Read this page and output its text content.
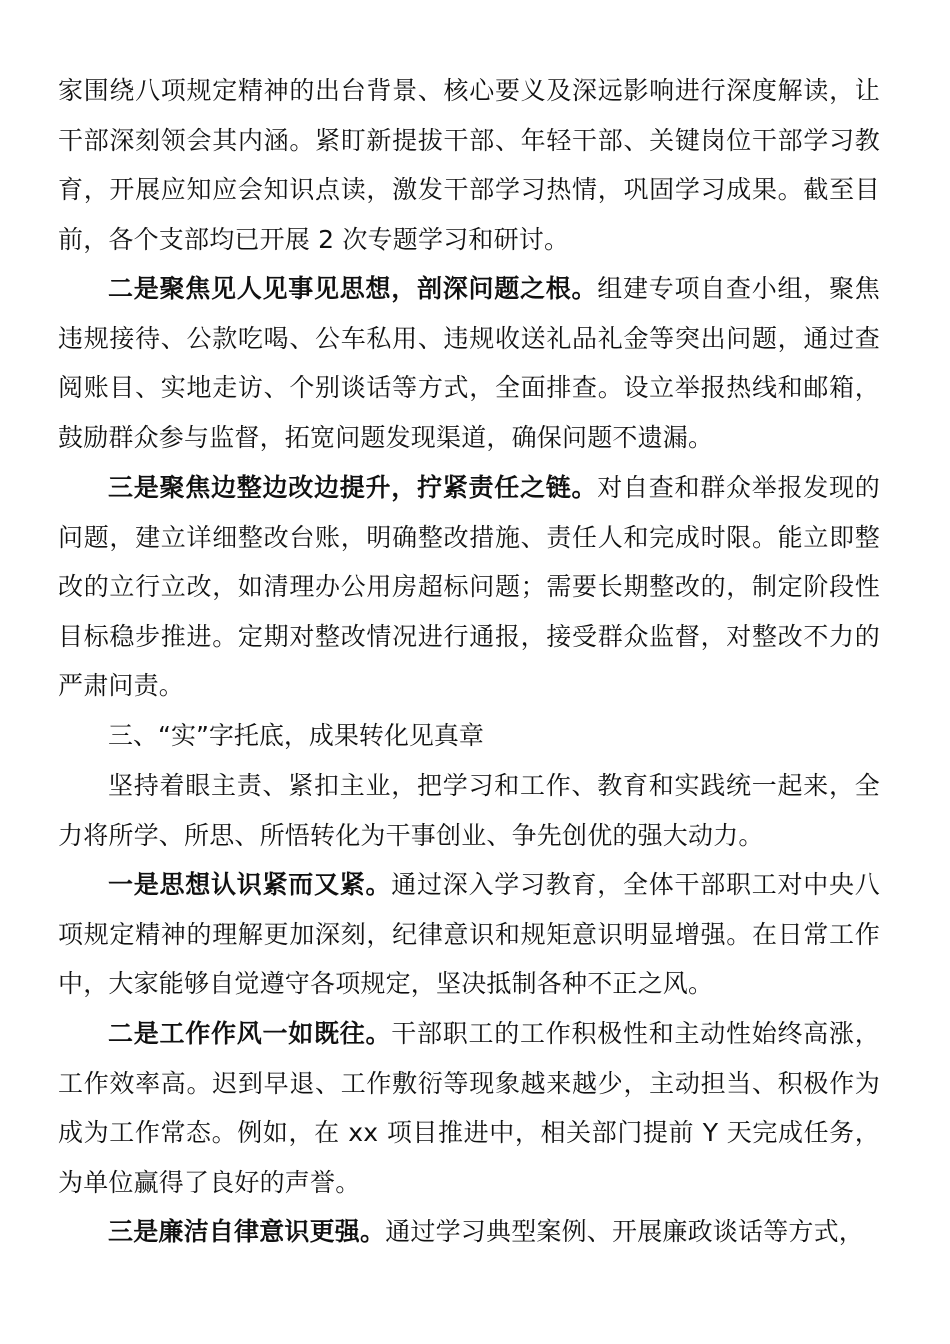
家围绕八项规定精神的出台背景、核心要义及深远影响进行深度解读，让干部深刻领会其内涵。紧盯新提拔干部、年轻干部、关键岗位干部学习教育，开展应知应会知识点读，激发干部学习热情，巩固学习成果。截至目前，各个支部均已开展 2 次专题学习和研讨。

二是聚焦见人见事见思想，剖深问题之根。组建专项自查小组，聚焦违规接待、公款吃喝、公车私用、违规收送礼品礼金等突出问题，通过查阅账目、实地走访、个别谈话等方式，全面排查。设立举报热线和邮箱，鼓励群众参与监督，拓宽问题发现渠道，确保问题不遗漏。

三是聚焦边整边改边提升，拧紧责任之链。对自查和群众举报发现的问题，建立详细整改台账，明确整改措施、责任人和完成时限。能立即整改的立行立改，如清理办公用房超标问题；需要长期整改的，制定阶段性目标稳步推进。定期对整改情况进行通报，接受群众监督，对整改不力的严肃问责。

三、“实”字托底，成果转化见真章

坚持着眼主责、紧扣主业，把学习和工作、教育和实践统一起来，全力将所学、所思、所悟转化为干事创业、争先创优的强大动力。

一是思想认识紧而又紧。通过深入学习教育，全体干部职工对中央八项规定精神的理解更加深刻，纪律意识和规矩意识明显增强。在日常工作中，大家能够自觉遵守各项规定，坚决抵制各种不正之风。

二是工作作风一如既往。干部职工的工作积极性和主动性始终高涨，工作效率高。迟到早退、工作敷衍等现象越来越少，主动担当、积极作为成为工作常态。例如，在 xx 项目推进中，相关部门提前 Y 天完成任务，为单位赢得了良好的声誉。

三是廉洁自律意识更强。通过学习典型案例、开展廉政谈话等方式，
